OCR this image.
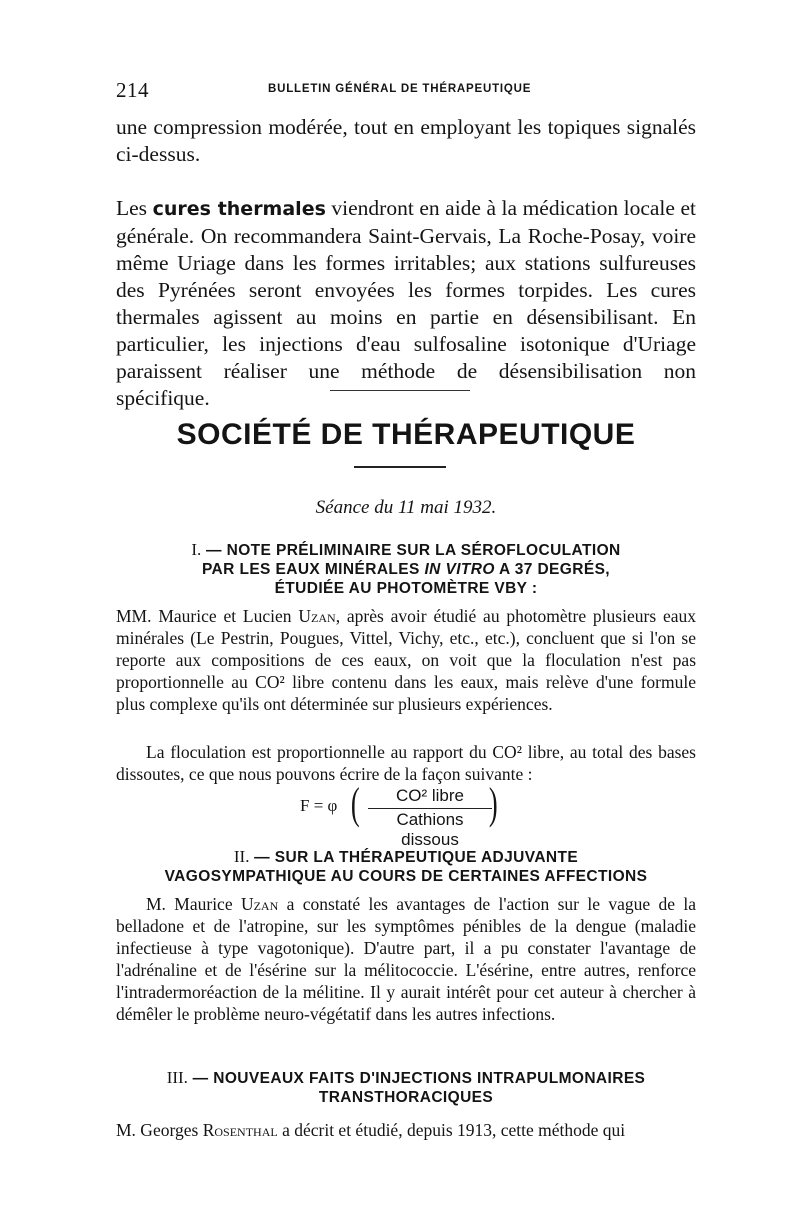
214	BULLETIN GÉNÉRAL DE THÉRAPEUTIQUE

une compression modérée, tout en employant les topiques signalés ci-dessus.

Les cures thermales viendront en aide à la médication locale et générale. On recommandera Saint-Gervais, La Roche-Posay, voire même Uriage dans les formes irritables; aux stations sulfureuses des Pyrénées seront envoyées les formes torpides. Les cures thermales agissent au moins en partie en désensibilisant. En particulier, les injections d'eau sulfosaline isotonique d'Uriage paraissent réaliser une méthode de désensibilisation non spécifique.

SOCIÉTÉ DE THÉRAPEUTIQUE
Séance du 11 mai 1932.
I. — NOTE PRÉLIMINAIRE SUR LA SÉROFLOCULATION
PAR LES EAUX MINÉRALES IN VITRO A 37 DEGRÉS,
ÉTUDIÉE AU PHOTOMÈTRE VBY :

MM. Maurice et Lucien Uzan, après avoir étudié au photomètre plusieurs eaux minérales (Le Pestrin, Pougues, Vittel, Vichy, etc., etc.), concluent que si l'on se reporte aux compositions de ces eaux, on voit que la floculation n'est pas proportionnelle au CO² libre contenu dans les eaux, mais relève d'une formule plus complexe qu'ils ont déterminée sur plusieurs expériences.

La floculation est proportionnelle au rapport du CO² libre, au total des bases dissoutes, ce que nous pouvons écrire de la façon suivante :

F = φ (	CO² libre
Cathions dissous
)
II. — SUR LA THÉRAPEUTIQUE ADJUVANTE
VAGOSYMPATHIQUE AU COURS DE CERTAINES AFFECTIONS

M. Maurice Uzan a constaté les avantages de l'action sur le vague de la belladone et de l'atropine, sur les symptômes pénibles de la dengue (maladie infectieuse à type vagotonique). D'autre part, il a pu constater l'avantage de l'adrénaline et de l'ésérine sur la mélitococcie. L'ésérine, entre autres, renforce l'intradermoréaction de la mélitine. Il y aurait intérêt pour cet auteur à chercher à démêler le problème neuro-végétatif dans les autres infections.

III. — NOUVEAUX FAITS D'INJECTIONS INTRAPULMONAIRES
TRANSTHORACIQUES

M. Georges Rosenthal a décrit et étudié, depuis 1913, cette méthode qui
